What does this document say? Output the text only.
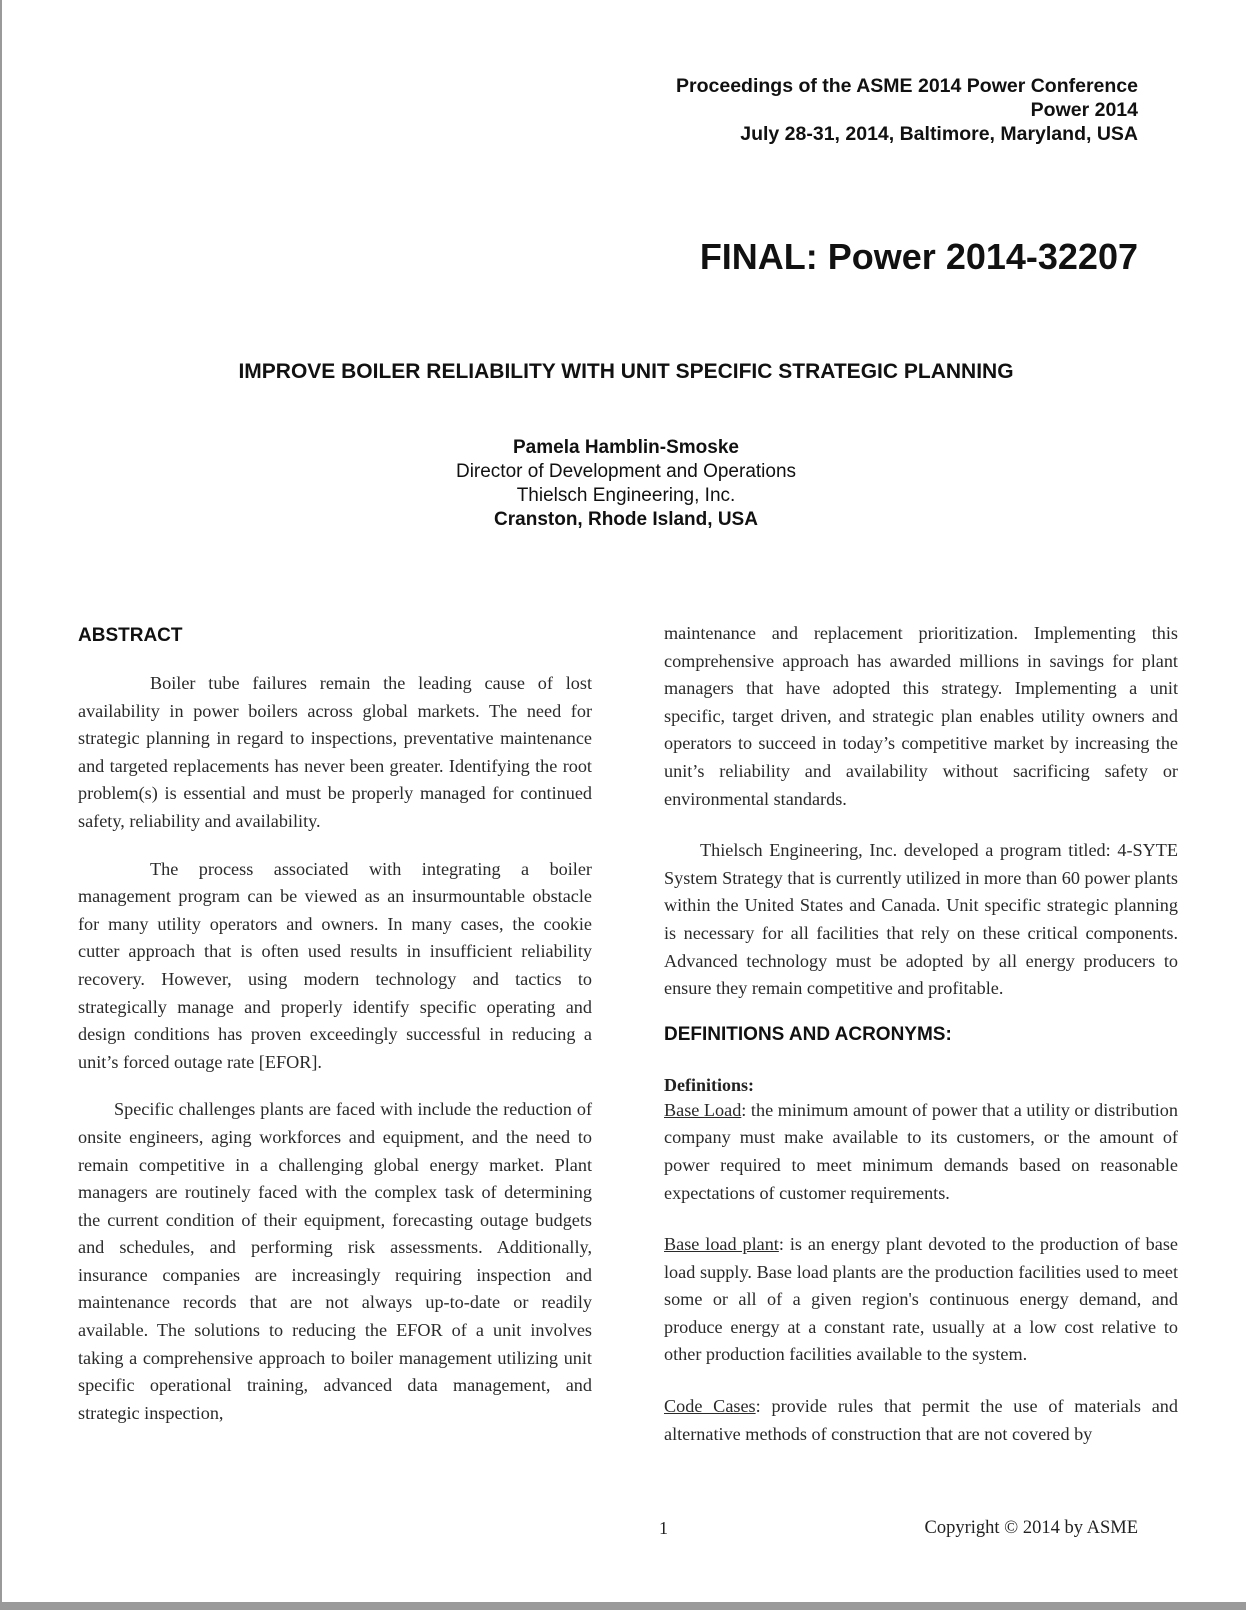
Proceedings of the ASME 2014 Power Conference
Power 2014
July 28-31, 2014, Baltimore, Maryland, USA
FINAL: Power 2014-32207
IMPROVE BOILER RELIABILITY WITH UNIT SPECIFIC STRATEGIC PLANNING
Pamela Hamblin-Smoske
Director of Development and Operations
Thielsch Engineering, Inc.
Cranston, Rhode Island, USA
ABSTRACT

Boiler tube failures remain the leading cause of lost availability in power boilers across global markets. The need for strategic planning in regard to inspections, preventative maintenance and targeted replacements has never been greater. Identifying the root problem(s) is essential and must be properly managed for continued safety, reliability and availability.

The process associated with integrating a boiler management program can be viewed as an insurmountable obstacle for many utility operators and owners. In many cases, the cookie cutter approach that is often used results in insufficient reliability recovery. However, using modern technology and tactics to strategically manage and properly identify specific operating and design conditions has proven exceedingly successful in reducing a unit’s forced outage rate [EFOR].

Specific challenges plants are faced with include the reduction of onsite engineers, aging workforces and equipment, and the need to remain competitive in a challenging global energy market. Plant managers are routinely faced with the complex task of determining the current condition of their equipment, forecasting outage budgets and schedules, and performing risk assessments. Additionally, insurance companies are increasingly requiring inspection and maintenance records that are not always up-to-date or readily available. The solutions to reducing the EFOR of a unit involves taking a comprehensive approach to boiler management utilizing unit specific operational training, advanced data management, and strategic inspection,

maintenance and replacement prioritization. Implementing this comprehensive approach has awarded millions in savings for plant managers that have adopted this strategy. Implementing a unit specific, target driven, and strategic plan enables utility owners and operators to succeed in today’s competitive market by increasing the unit’s reliability and availability without sacrificing safety or environmental standards.

Thielsch Engineering, Inc. developed a program titled: 4-SYTE System Strategy that is currently utilized in more than 60 power plants within the United States and Canada. Unit specific strategic planning is necessary for all facilities that rely on these critical components. Advanced technology must be adopted by all energy producers to ensure they remain competitive and profitable.

DEFINITIONS AND ACRONYMS:
Definitions:

Base Load: the minimum amount of power that a utility or distribution company must make available to its customers, or the amount of power required to meet minimum demands based on reasonable expectations of customer requirements.

Base load plant: is an energy plant devoted to the production of base load supply. Base load plants are the production facilities used to meet some or all of a given region's continuous energy demand, and produce energy at a constant rate, usually at a low cost relative to other production facilities available to the system.

Code Cases: provide rules that permit the use of materials and alternative methods of construction that are not covered by

1	Copyright © 2014 by ASME
